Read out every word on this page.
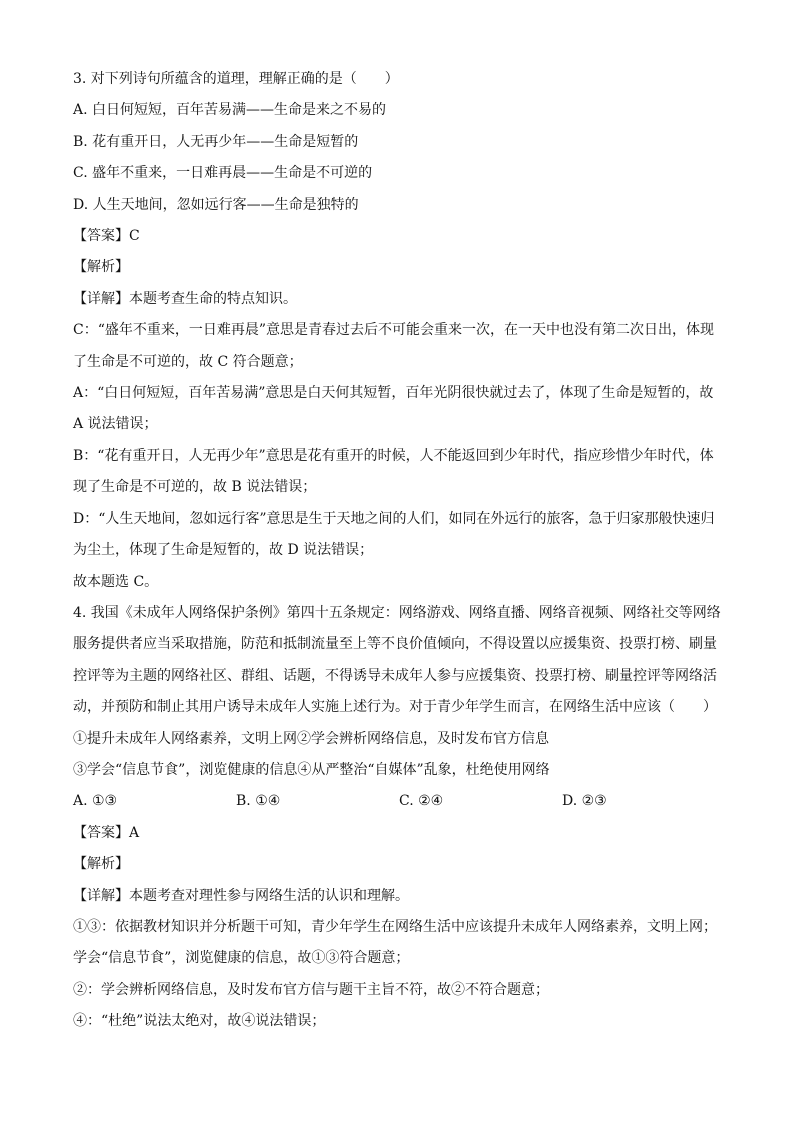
3. 对下列诗句所蕴含的道理，理解正确的是（　　）
A. 白日何短短，百年苦易满——生命是来之不易的
B. 花有重开日，人无再少年——生命是短暂的
C. 盛年不重来，一日难再晨——生命是不可逆的
D. 人生天地间，忽如远行客——生命是独特的
【答案】C
【解析】
【详解】本题考查生命的特点知识。
C：“盛年不重来，一日难再晨”意思是青春过去后不可能会重来一次，在一天中也没有第二次日出，体现
了生命是不可逆的，故 C 符合题意；
A：“白日何短短，百年苦易满”意思是白天何其短暂，百年光阴很快就过去了，体现了生命是短暂的，故
A 说法错误；
B：“花有重开日，人无再少年”意思是花有重开的时候，人不能返回到少年时代，指应珍惜少年时代，体
现了生命是不可逆的，故 B 说法错误；
D：“人生天地间，忽如远行客”意思是生于天地之间的人们，如同在外远行的旅客，急于归家那般快速归
为尘土，体现了生命是短暂的，故 D 说法错误；
故本题选 C。
4. 我国《未成年人网络保护条例》第四十五条规定：网络游戏、网络直播、网络音视频、网络社交等网络
服务提供者应当采取措施，防范和抵制流量至上等不良价值倾向，不得设置以应援集资、投票打榜、刷量
控评等为主题的网络社区、群组、话题，不得诱导未成年人参与应援集资、投票打榜、刷量控评等网络活
动，并预防和制止其用户诱导未成年人实施上述行为。对于青少年学生而言，在网络生活中应该（　　）
①提升未成年人网络素养，文明上网②学会辨析网络信息，及时发布官方信息
③学会“信息节食”，浏览健康的信息④从严整治“自媒体”乱象，杜绝使用网络
A. ①③	B. ①④	C. ②④	D. ②③
【答案】A
【解析】
【详解】本题考查对理性参与网络生活的认识和理解。
①③：依据教材知识并分析题干可知，青少年学生在网络生活中应该提升未成年人网络素养，文明上网；
学会“信息节食”，浏览健康的信息，故①③符合题意；
②：学会辨析网络信息，及时发布官方信与题干主旨不符，故②不符合题意；
④：“杜绝”说法太绝对，故④说法错误；
